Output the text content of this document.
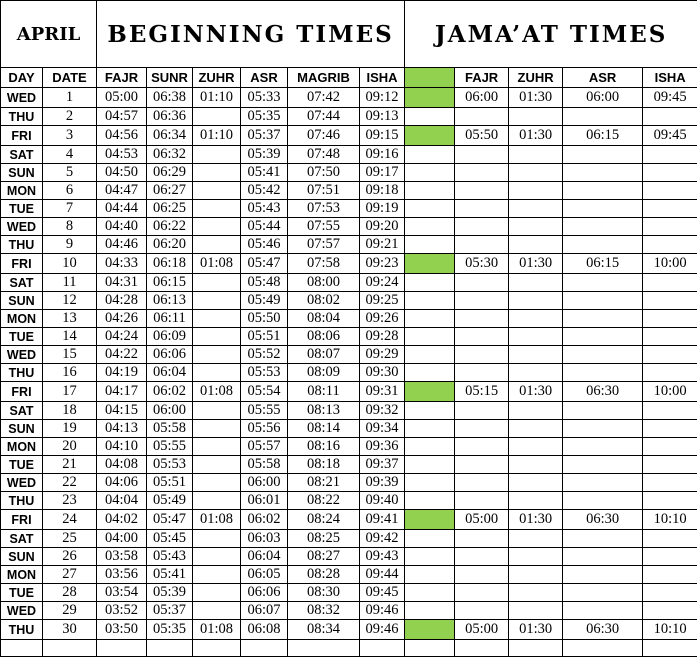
APRIL		BEGINNING TIMES						JAMA’AT TIMES				
DAY	DATE	FAJR	SUNR	ZUHR	ASR	MAGRIB	ISHA		FAJR	ZUHR	ASR	ISHA
WED	1	05:00	06:38	01:10	05:33	07:42	09:12		06:00	01:30	06:00	09:45
THU	2	04:57	06:36		05:35	07:44	09:13					
FRI	3	04:56	06:34	01:10	05:37	07:46	09:15		05:50	01:30	06:15	09:45
SAT	4	04:53	06:32		05:39	07:48	09:16					
SUN	5	04:50	06:29		05:41	07:50	09:17					
MON	6	04:47	06:27		05:42	07:51	09:18					
TUE	7	04:44	06:25		05:43	07:53	09:19					
WED	8	04:40	06:22		05:44	07:55	09:20					
THU	9	04:46	06:20		05:46	07:57	09:21					
FRI	10	04:33	06:18	01:08	05:47	07:58	09:23		05:30	01:30	06:15	10:00
SAT	11	04:31	06:15		05:48	08:00	09:24					
SUN	12	04:28	06:13		05:49	08:02	09:25					
MON	13	04:26	06:11		05:50	08:04	09:26					
TUE	14	04:24	06:09		05:51	08:06	09:28					
WED	15	04:22	06:06		05:52	08:07	09:29					
THU	16	04:19	06:04		05:53	08:09	09:30					
FRI	17	04:17	06:02	01:08	05:54	08:11	09:31		05:15	01:30	06:30	10:00
SAT	18	04:15	06:00		05:55	08:13	09:32					
SUN	19	04:13	05:58		05:56	08:14	09:34					
MON	20	04:10	05:55		05:57	08:16	09:36					
TUE	21	04:08	05:53		05:58	08:18	09:37					
WED	22	04:06	05:51		06:00	08:21	09:39					
THU	23	04:04	05:49		06:01	08:22	09:40					
FRI	24	04:02	05:47	01:08	06:02	08:24	09:41		05:00	01:30	06:30	10:10
SAT	25	04:00	05:45		06:03	08:25	09:42					
SUN	26	03:58	05:43		06:04	08:27	09:43					
MON	27	03:56	05:41		06:05	08:28	09:44					
TUE	28	03:54	05:39		06:06	08:30	09:45					
WED	29	03:52	05:37		06:07	08:32	09:46					
THU	30	03:50	05:35	01:08	06:08	08:34	09:46		05:00	01:30	06:30	10:10
